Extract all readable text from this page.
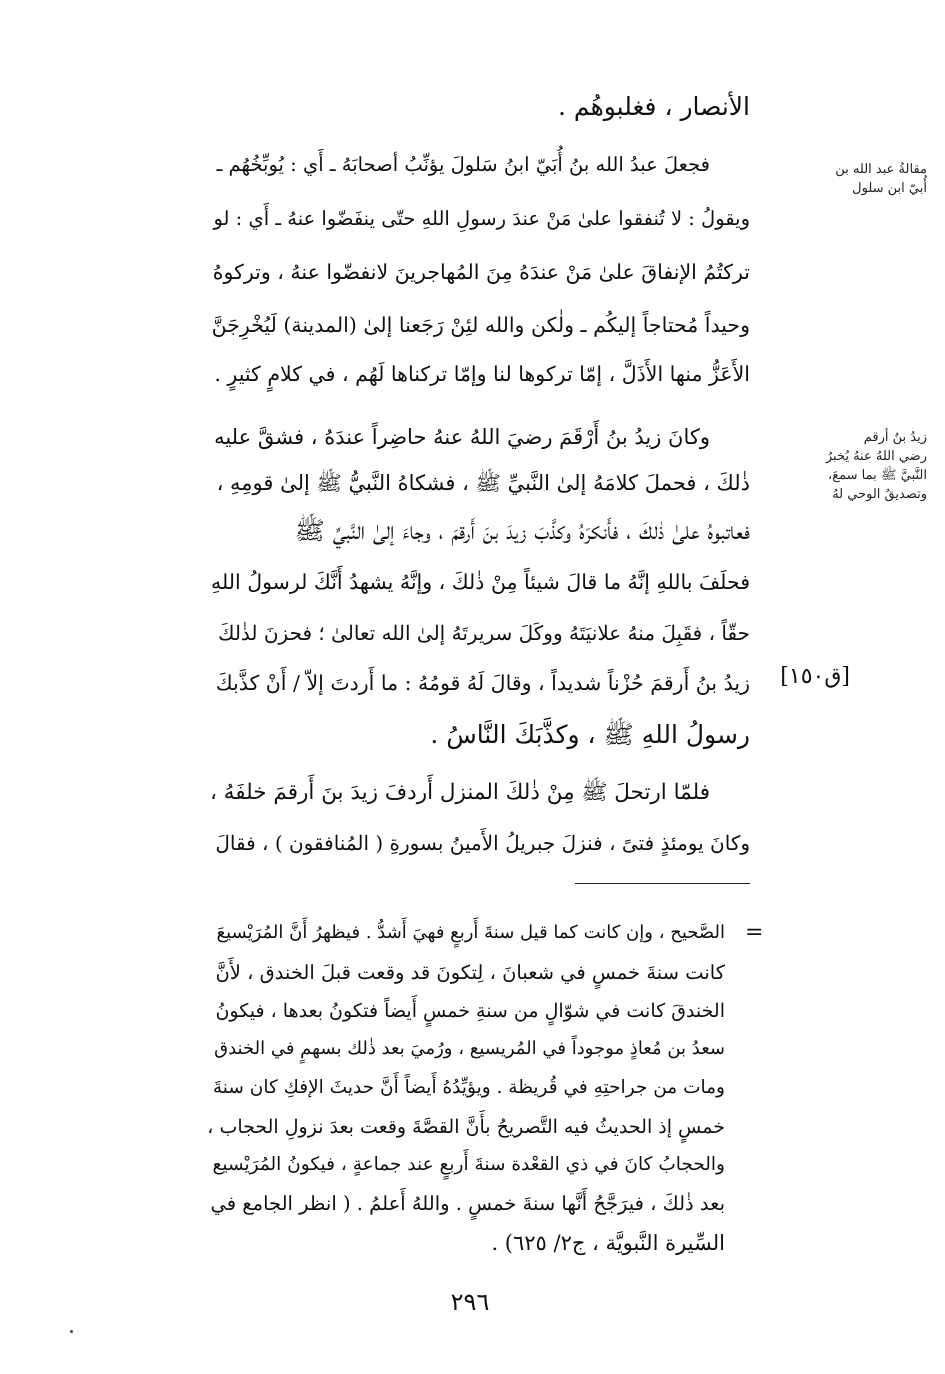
الأنصار ، فغلبوهُم .
فجعلَ عبدُ الله بنُ أُبَيّ ابنُ سَلولَ يؤنِّبُ أصحابَهُ ـ أَي : يُوبِّخُهُم ـ
ويقولُ : لا تُنفقوا علىٰ مَنْ عندَ رسولِ اللهِ حتّى ينفَضّوا عنهُ ـ أَي : لو
تركتُمُ الإنفاقَ علىٰ مَنْ عندَهُ مِنَ المُهاجرينَ لانفضّوا عنهُ ، وتركوهُ
وحيداً مُحتاجاً إليكُم ـ ولٰكن والله لئِنْ رَجَعنا إلىٰ (المدينة) لَيُخْرِجَنَّ
الأَعَزُّ منها الأَذَلَّ ، إمّا تركوها لنا وإمّا تركناها لَهُم ، في كلامٍ كثيرٍ .
وكانَ زيدُ بنُ أَرْقَمَ رضيَ اللهُ عنهُ حاضِراً عندَهُ ، فشقَّ عليه
ذٰلكَ ، فحملَ كلامَهُ إلىٰ النَّبيِّ ﷺ ، فشكاهُ النَّبيُّ ﷺ إلىٰ قومِهِ ،
فعاتبوهُ علىٰ ذٰلكَ ، فأَنكرَهُ وكذَّبَ زيدَ بنَ أَرقمَ ، وجاءَ إلىٰ النَّبيِّ ﷺ
فحلَفَ باللهِ إنَّهُ ما قالَ شيئاً مِنْ ذٰلكَ ، وإنَّهُ يشهدُ أَنَّكَ لرسولُ اللهِ
حقّاً ، فقَبِلَ منهُ علانيَتَهُ ووكَلَ سريرتَهُ إلىٰ الله تعالىٰ ؛ فحزنَ لذٰلكَ
زيدُ بنُ أَرقمَ حُزْناً شديداً ، وقالَ لَهُ قومُهُ : ما أَردتَ إلاّ / أَنْ كذَّبكَ
رسولُ اللهِ ﷺ ، وكذَّبَكَ النَّاسُ .
فلمّا ارتحلَ ﷺ مِنْ ذٰلكَ المنزل أَردفَ زيدَ بنَ أَرقمَ خلفَهُ ،
وكانَ يومئذٍ فتىً ، فنزلَ جبريلُ الأَمينُ بسورةِ ( المُنافقون ) ، فقالَ
مقالةُ عبد الله بن
أُبيّ ابن سلول
زيدُ بنُ أرقم
رضي اللهُ عنهُ يُخبرُ
النَّبيَّ ﷺ بما سمعَ،
وتصديقُ الوحي لهُ
[ق١٥٠]
=
الصَّحيح ، وإن كانت كما قيل سنةَ أَربعٍ فهيَ أَشدُّ . فيظهرُ أَنَّ المُرَيْسيعَ
كانت سنةَ خمسٍ في شعبانَ ، لِتكونَ قد وقعت قبلَ الخندق ، لأَنَّ
الخندقَ كانت في شوّالٍ من سنةِ خمسٍ أَيضاً فتكونُ بعدها ، فيكونُ
سعدُ بن مُعاذٍ موجوداً في المُريسيع ، ورُميَ بعد ذٰلك بسهمٍ في الخندق
ومات من جراحتِهِ في قُريظة . ويؤيِّدُهُ أَيضاً أَنَّ حديثَ الإفكِ كان سنةَ
خمسٍ إذ الحديثُ فيه التَّصريحُ بأَنَّ القصَّةَ وقعت بعدَ نزولِ الحجاب ،
والحجابُ كانَ في ذي القعْدة سنةَ أَربعٍ عند جماعةٍ ، فيكونُ المُرَيْسيع
بعد ذٰلكَ ، فيرَجَّحُ أَنَّها سنةَ خمسٍ . واللهُ أَعلمُ . ( انظر الجامع في
السِّيرة النَّبويَّة ، ج٢/ ٦٢٥) .
٢٩٦
